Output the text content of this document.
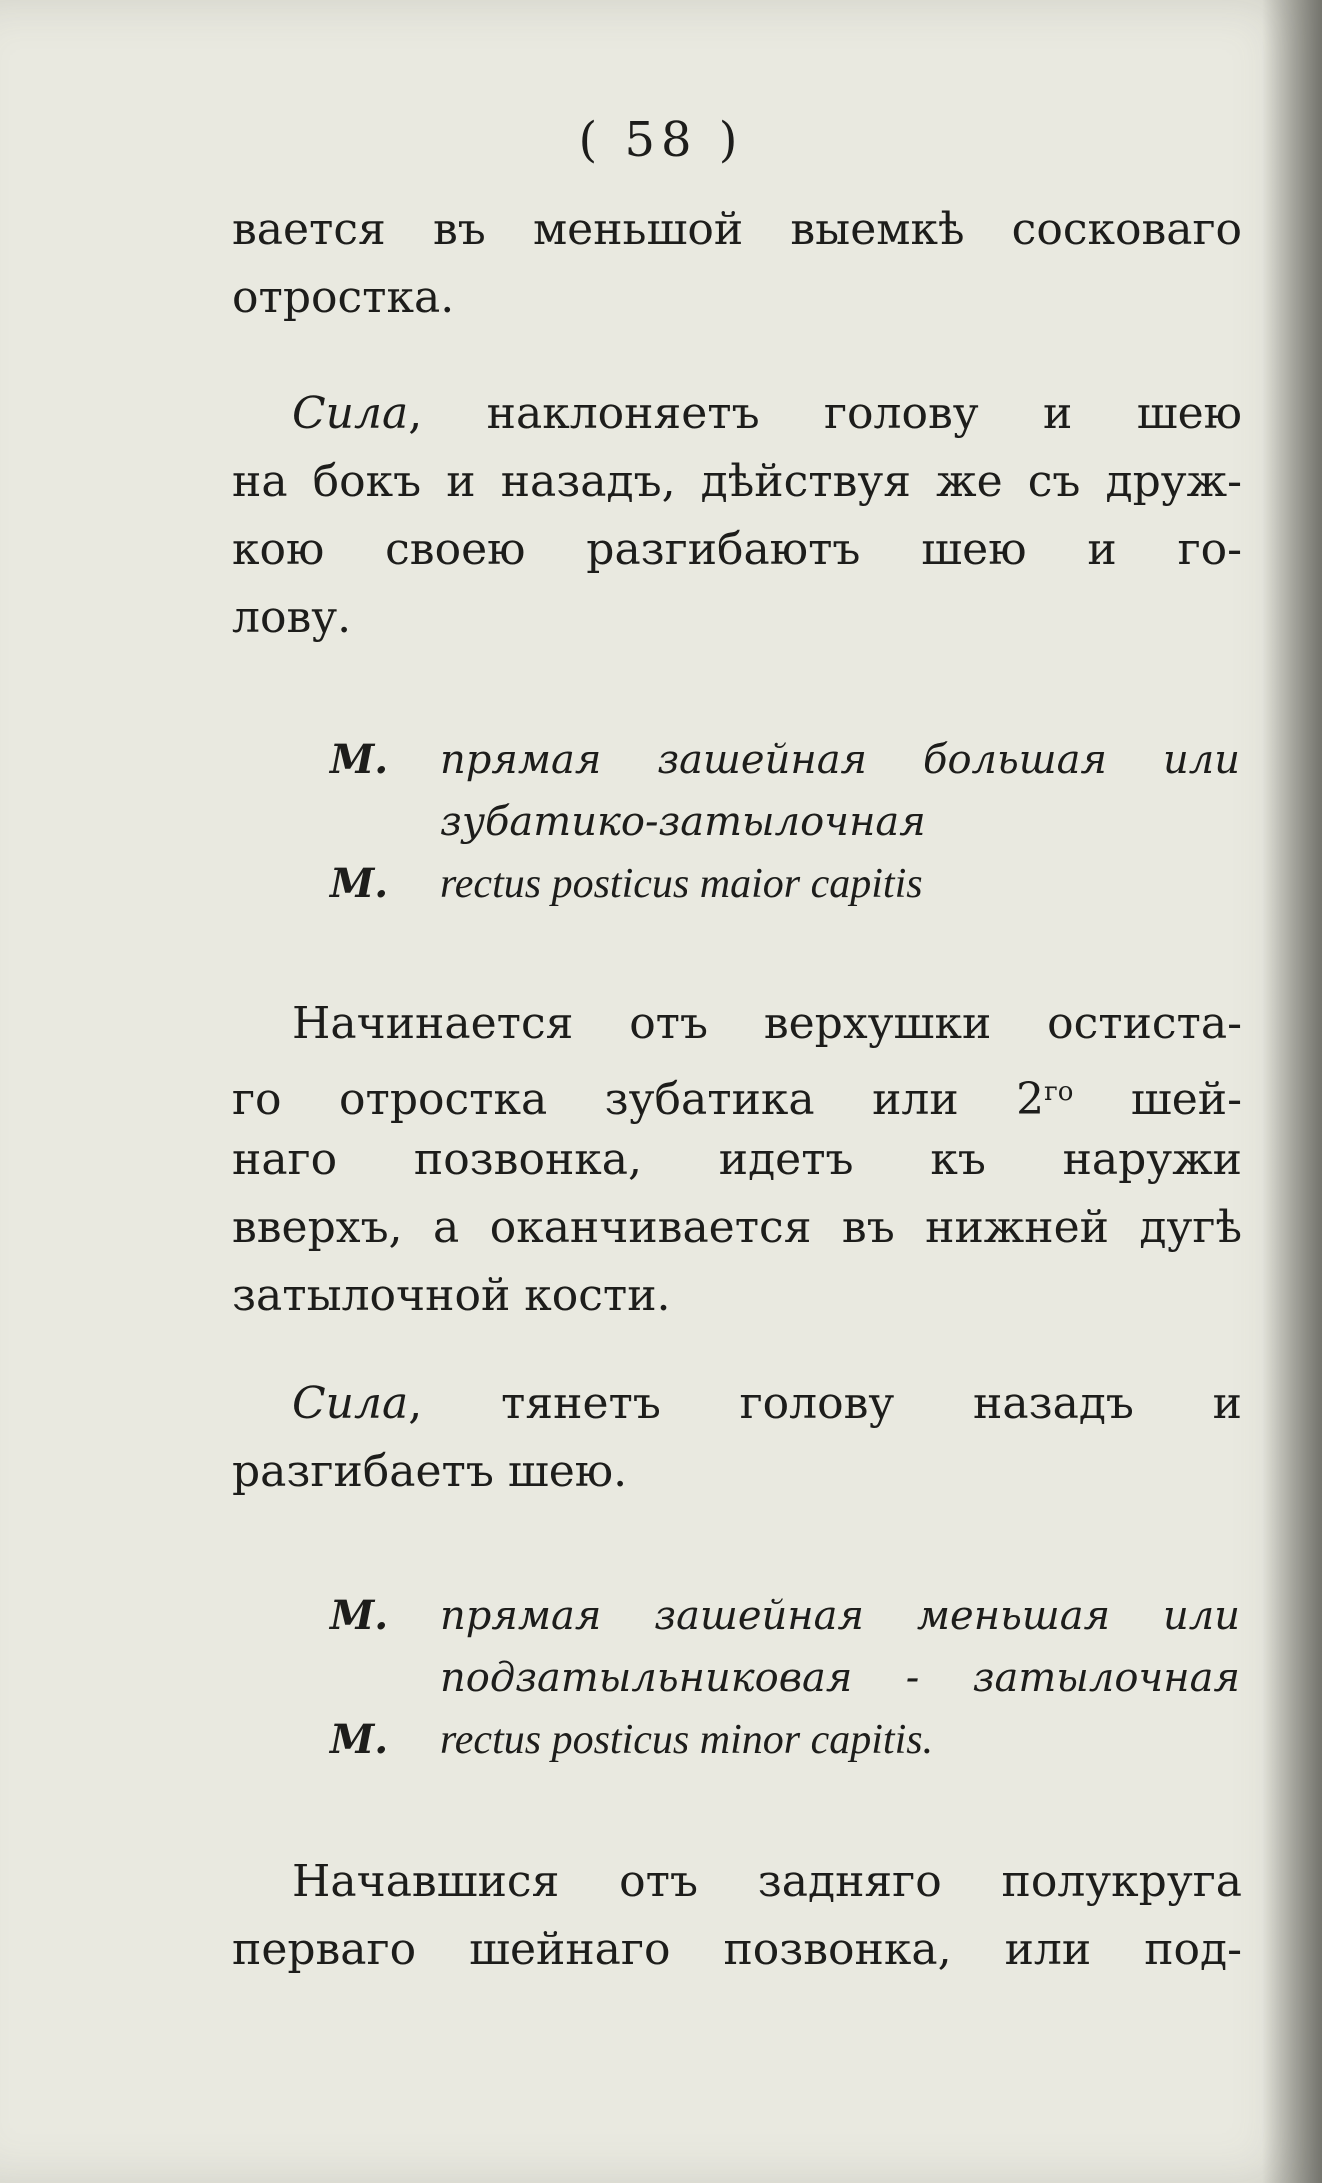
( 58 )
вается въ меньшой выемкѣ сосковаго
отростка.
Сила, наклоняетъ голову и шею
на бокъ и назадъ, дѣйствуя же съ друж-
кою своею разгибаютъ шею и го-
лову.
М. прямая зашейная большая или
зубатико-затылочная
М. rectus posticus maior capitis
Начинается отъ верхушки остиста-
го отростка зубатика или $2^{го}$ шей-
наго позвонка, идетъ къ наружи
вверхъ, а оканчивается въ нижней дугѣ
затылочной кости.
Сила, тянетъ голову назадъ и
разгибаетъ шею.
М. прямая зашейная меньшая или
подзатыльниковая - затылочная
М. rectus posticus minor capitis.
Начавшися отъ задняго полукруга
перваго шейнаго позвонка, или под-
